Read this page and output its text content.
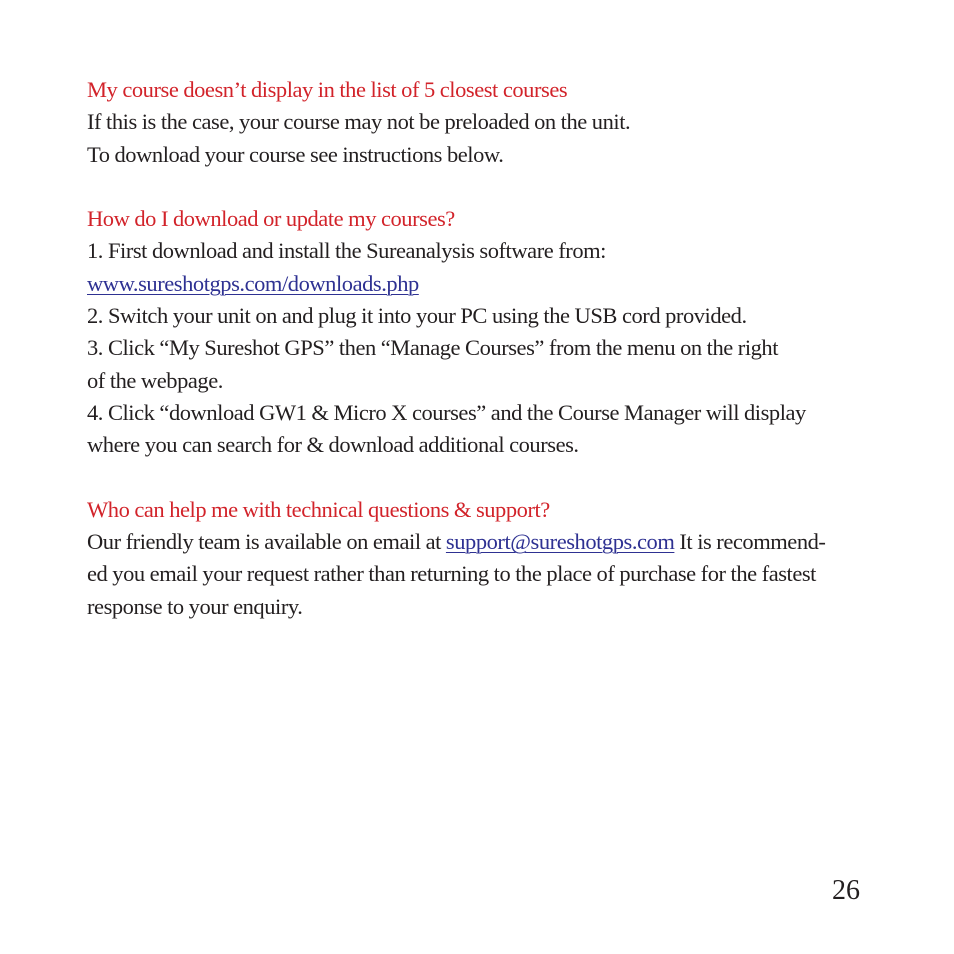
My course doesn’t display in the list of 5 closest courses
If this is the case, your course may not be preloaded on the unit.
To download your course see instructions below.
How do I download or update my courses?
1. First download and install the Sureanalysis software from:
www.sureshotgps.com/downloads.php
2. Switch your unit on and plug it into your PC using the USB cord provided.
3. Click “My Sureshot GPS” then “Manage Courses” from the menu on the right
of the webpage.
4. Click “download GW1 & Micro X courses” and the Course Manager will display
where you can search for & download additional courses.
Who can help me with technical questions & support?
Our friendly team is available on email at support@sureshotgps.com It is recommend-
ed you email your request rather than returning to the place of purchase for the fastest
response to your enquiry.
26
